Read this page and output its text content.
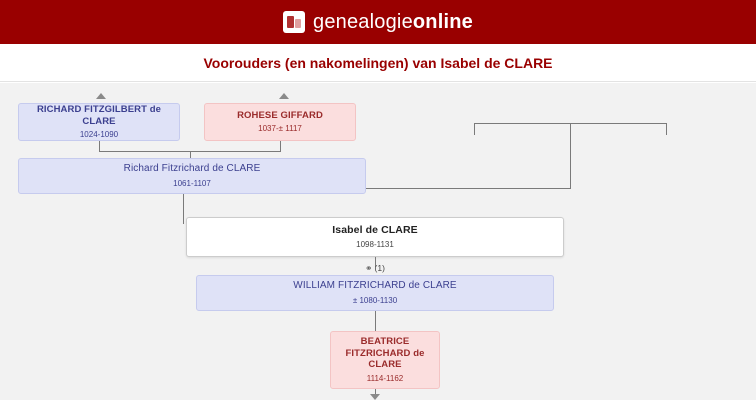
genealogieonline
Voorouders (en nakomelingen) van Isabel de CLARE
RICHARD FITZGILBERT de CLARE
1024-1090
ROHESE GIFFARD
1037-± 1117
Richard Fitzrichard de CLARE
1061-1107
Isabel de CLARE
1098-1131
⚭ (1)
WILLIAM FITZRICHARD de CLARE
± 1080-1130
BEATRICE FITZRICHARD de CLARE
1114-1162
